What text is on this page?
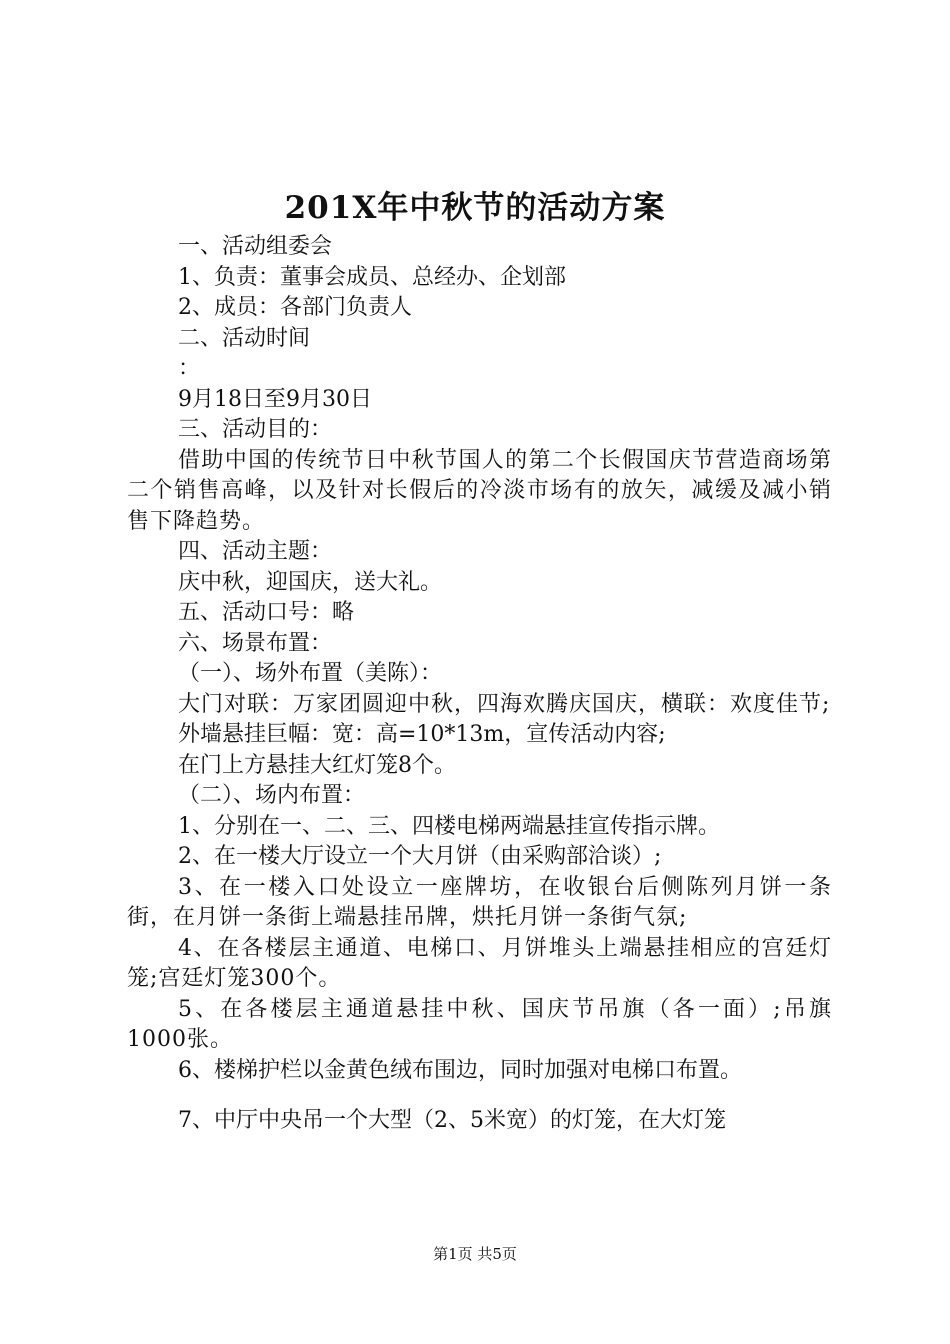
201X年中秋节的活动方案
一、活动组委会
1、负责：董事会成员、总经办、企划部
2、成员：各部门负责人
二、活动时间
：
9月18日至9月30日
三、活动目的：
借助中国的传统节日中秋节国人的第二个长假国庆节营造商场第二个销售高峰，以及针对长假后的冷淡市场有的放矢，减缓及减小销售下降趋势。
四、活动主题：
庆中秋，迎国庆，送大礼。
五、活动口号：略
六、场景布置：
（一）、场外布置（美陈）：
大门对联：万家团圆迎中秋，四海欢腾庆国庆，横联：欢度佳节;
外墙悬挂巨幅：宽：高=10*13m，宣传活动内容;
在门上方悬挂大红灯笼8个。
（二）、场内布置：
1、分别在一、二、三、四楼电梯两端悬挂宣传指示牌。
2、在一楼大厅设立一个大月饼（由采购部洽谈）;
3、在一楼入口处设立一座牌坊，在收银台后侧陈列月饼一条街，在月饼一条街上端悬挂吊牌，烘托月饼一条街气氛;
4、在各楼层主通道、电梯口、月饼堆头上端悬挂相应的宫廷灯笼;宫廷灯笼300个。
5、在各楼层主通道悬挂中秋、国庆节吊旗（各一面）;吊旗1000张。
6、楼梯护栏以金黄色绒布围边，同时加强对电梯口布置。
7、中厅中央吊一个大型（2、5米宽）的灯笼，在大灯笼
第1页 共5页
